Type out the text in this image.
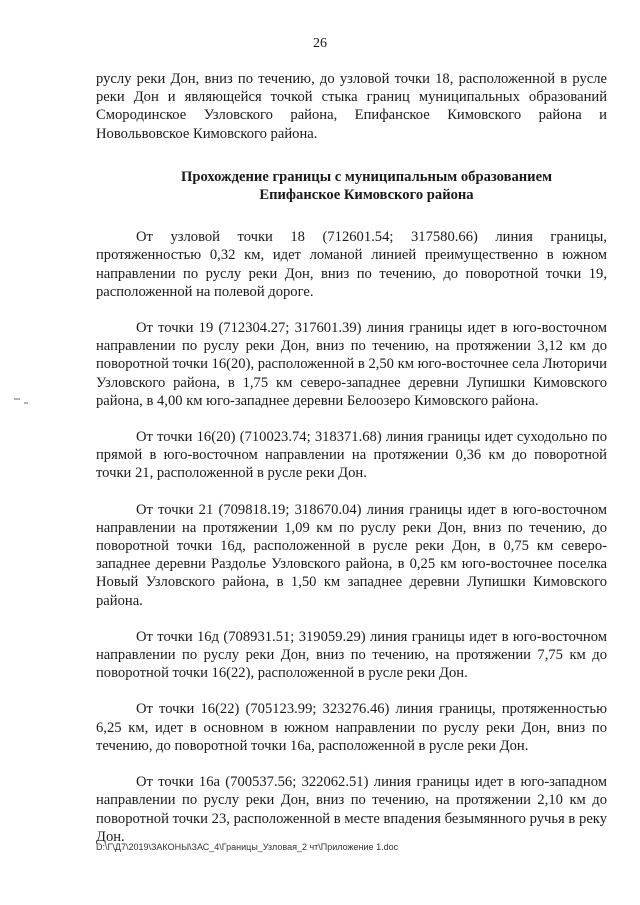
26

руслу реки Дон, вниз по течению, до узловой точки 18, расположенной в русле реки Дон и являющейся точкой стыка границ муниципальных образований Смородинское Узловского района, Епифанское Кимовского района и Новольвовское Кимовского района.

Прохождение границы с муниципальным образованием
Епифанское Кимовского района

От узловой точки 18 (712601.54; 317580.66) линия границы, протяженностью 0,32 км, идет ломаной линией преимущественно в южном направлении по руслу реки Дон, вниз по течению, до поворотной точки 19, расположенной на полевой дороге.

От точки 19 (712304.27; 317601.39) линия границы идет в юго-восточном направлении по руслу реки Дон, вниз по течению, на протяжении 3,12 км до поворотной точки 16(20), расположенной в 2,50 км юго-восточнее села Люторичи Узловского района, в 1,75 км северо-западнее деревни Лупишки Кимовского района, в 4,00 км юго-западнее деревни Белоозеро Кимовского района.

От точки 16(20) (710023.74; 318371.68) линия границы идет суходольно по прямой в юго-восточном направлении на протяжении 0,36 км до поворотной точки 21, расположенной в русле реки Дон.

От точки 21 (709818.19; 318670.04) линия границы идет в юго-восточном направлении на протяжении 1,09 км по руслу реки Дон, вниз по течению, до поворотной точки 16д, расположенной в русле реки Дон, в 0,75 км северо-западнее деревни Раздолье Узловского района, в 0,25 км юго-восточнее поселка Новый Узловского района, в 1,50 км западнее деревни Лупишки Кимовского района.

От точки 16д (708931.51; 319059.29) линия границы идет в юго-восточном направлении по руслу реки Дон, вниз по течению, на протяжении 7,75 км до поворотной точки 16(22), расположенной в русле реки Дон.

От точки 16(22) (705123.99; 323276.46) линия границы, протяженностью 6,25 км, идет в основном в южном направлении по руслу реки Дон, вниз по течению, до поворотной точки 16а, расположенной в русле реки Дон.

От точки 16а (700537.56; 322062.51) линия границы идет в юго-западном направлении по руслу реки Дон, вниз по течению, на протяжении 2,10 км до поворотной точки 23, расположенной в месте впадения безымянного ручья в реку Дон.

D:\Г\Д7\2019\ЗАКОНЫ\ЗАС_4\Границы_Узловая_2 чт\Приложение 1.doc
